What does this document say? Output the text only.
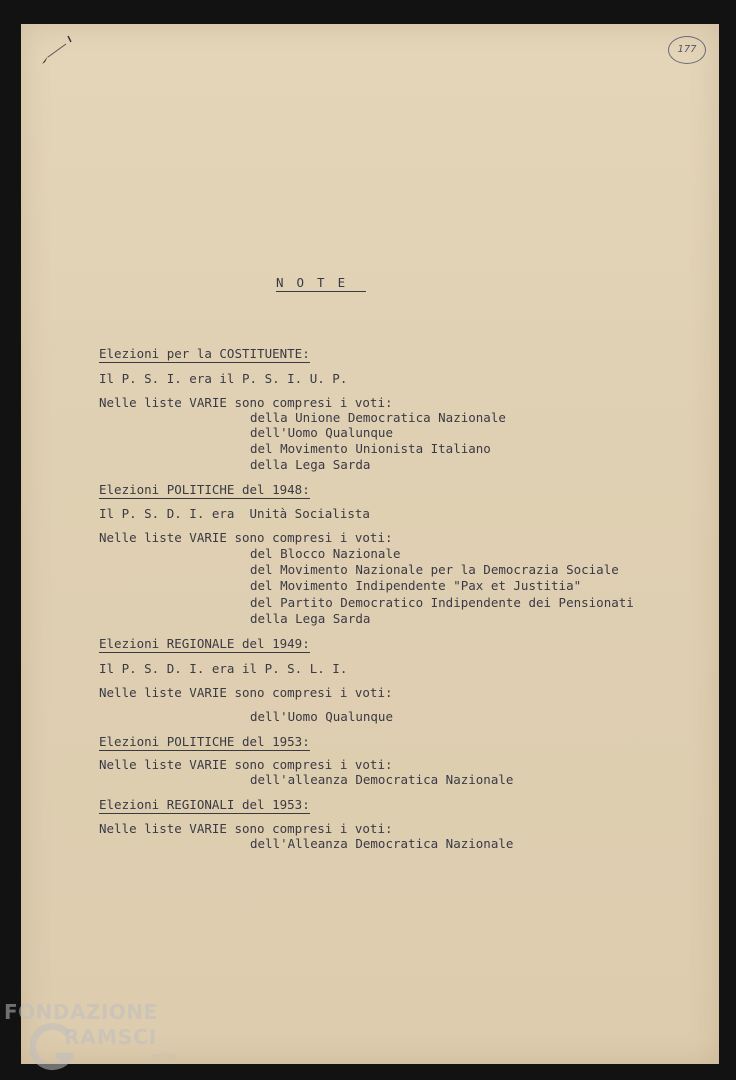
177

NOTE

Elezioni per la COSTITUENTE:

Il P. S. I. era il P. S. I. U. P.

Nelle liste VARIE sono compresi i voti:

della Unione Democratica Nazionale

dell'Uomo Qualunque

del Movimento Unionista Italiano

della Lega Sarda

Elezioni POLITICHE del 1948:

Il P. S. D. I. era  Unità Socialista

Nelle liste VARIE sono compresi i voti:

del Blocco Nazionale

del Movimento Nazionale per la Democrazia Sociale

del Movimento Indipendente "Pax et Justitia"

del Partito Democratico Indipendente dei Pensionati

della Lega Sarda

Elezioni REGIONALE del 1949:

Il P. S. D. I. era il P. S. L. I.

Nelle liste VARIE sono compresi i voti:

dell'Uomo Qualunque

Elezioni POLITICHE del 1953:

Nelle liste VARIE sono compresi i voti:

dell'alleanza Democratica Nazionale

Elezioni REGIONALI del 1953:

Nelle liste VARIE sono compresi i voti:

dell'Alleanza Democratica Nazionale

FONDAZIONE
RAMSCI
onlus
